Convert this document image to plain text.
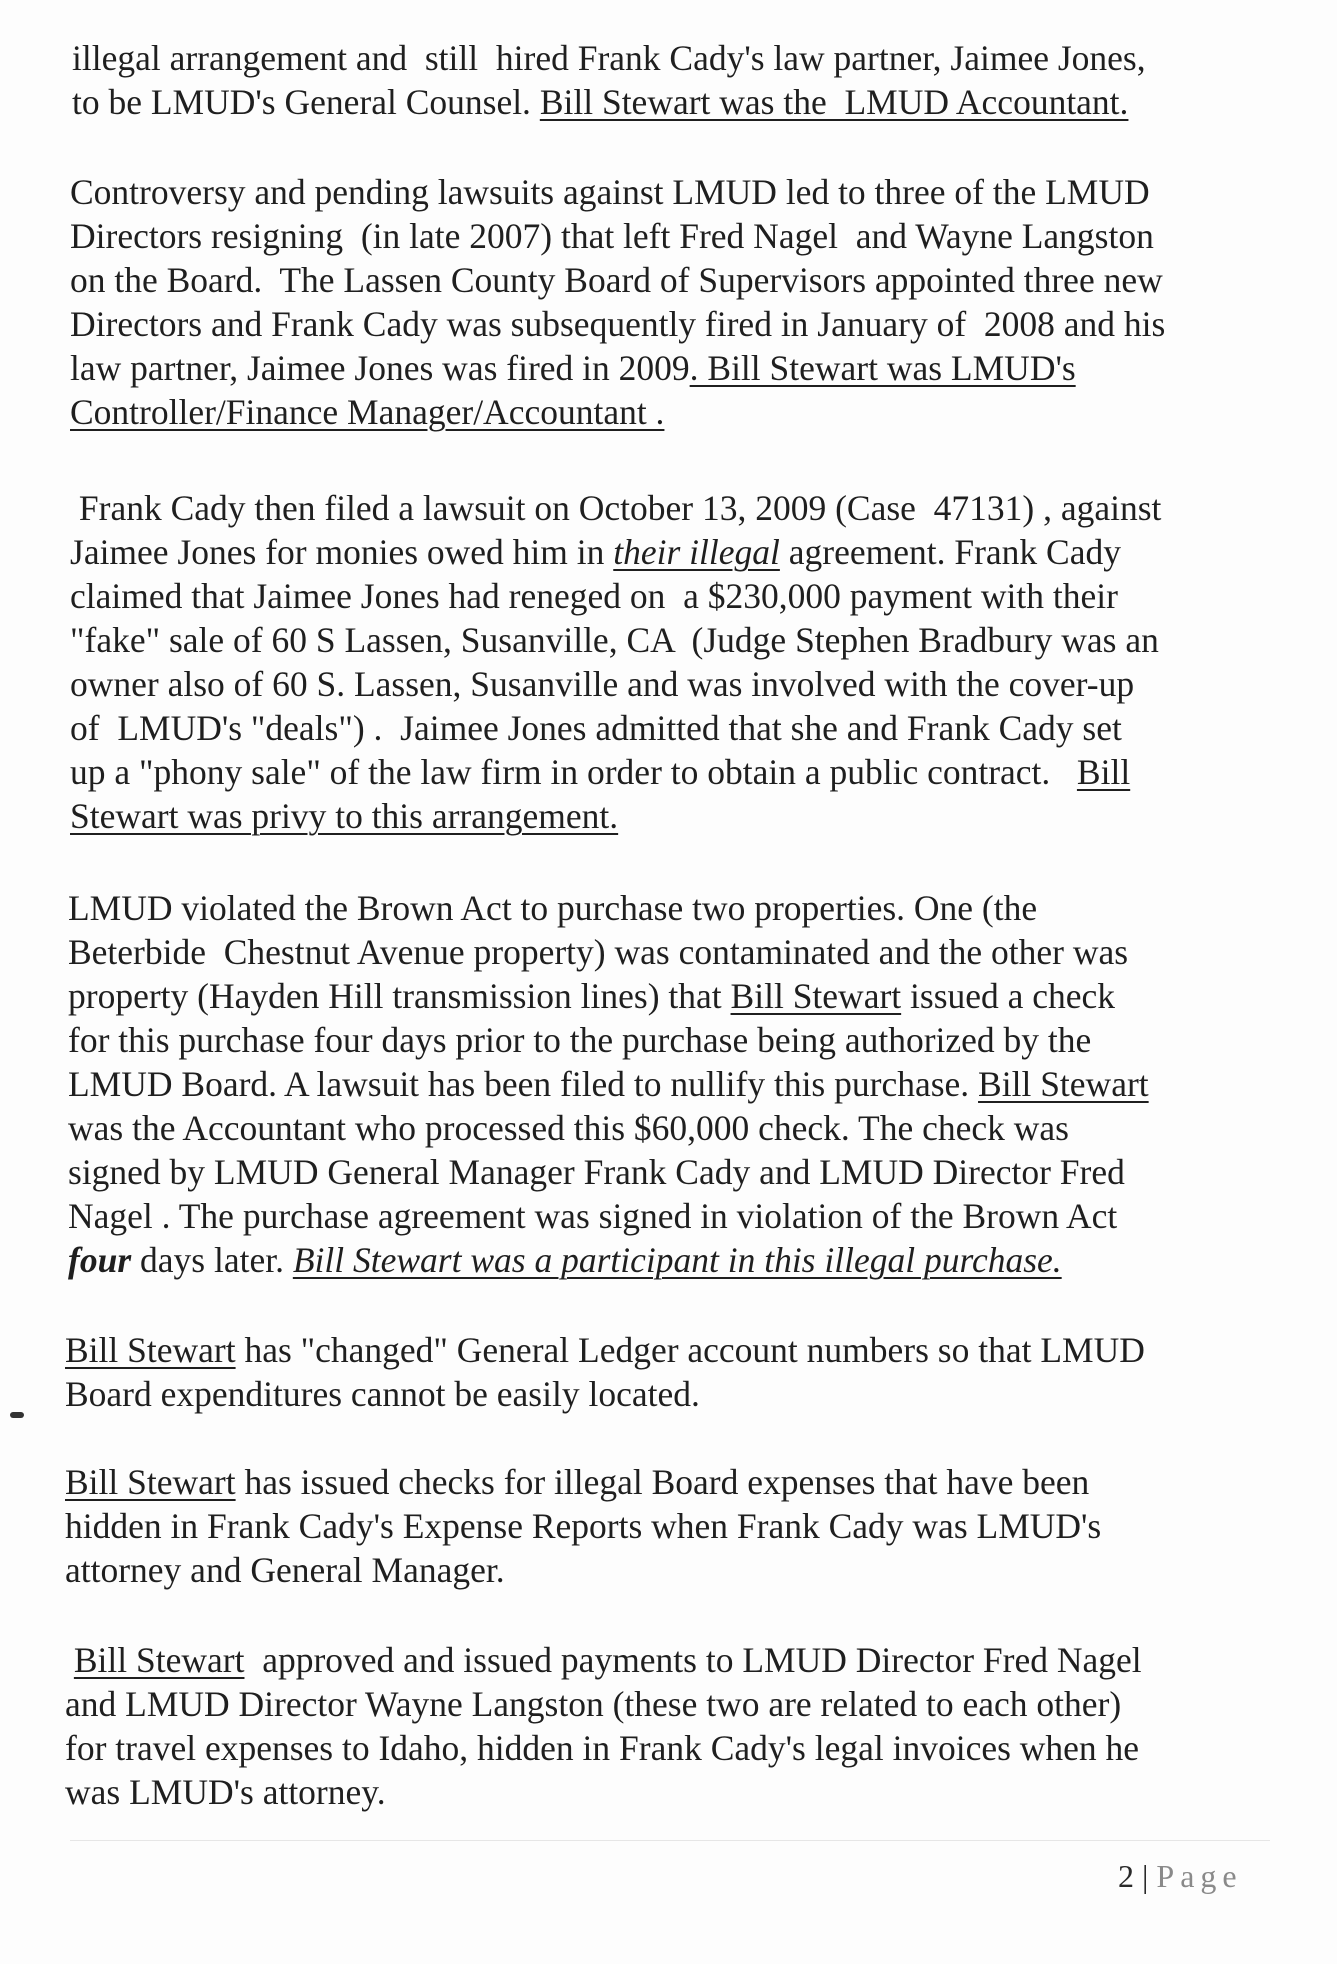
illegal arrangement and  still  hired Frank Cady's law partner, Jaimee Jones,
to be LMUD's General Counsel. Bill Stewart was the  LMUD Accountant.
Controversy and pending lawsuits against LMUD led to three of the LMUD
Directors resigning  (in late 2007) that left Fred Nagel  and Wayne Langston
on the Board.  The Lassen County Board of Supervisors appointed three new
Directors and Frank Cady was subsequently fired in January of  2008 and his
law partner, Jaimee Jones was fired in 2009. Bill Stewart was LMUD's
Controller/Finance Manager/Accountant .
Frank Cady then filed a lawsuit on October 13, 2009 (Case  47131) , against
Jaimee Jones for monies owed him in their illegal agreement. Frank Cady
claimed that Jaimee Jones had reneged on  a $230,000 payment with their
"fake" sale of 60 S Lassen, Susanville, CA  (Judge Stephen Bradbury was an
owner also of 60 S. Lassen, Susanville and was involved with the cover-up
of  LMUD's "deals") .  Jaimee Jones admitted that she and Frank Cady set
up a "phony sale" of the law firm in order to obtain a public contract.   Bill
Stewart was privy to this arrangement.
LMUD violated the Brown Act to purchase two properties. One (the
Beterbide  Chestnut Avenue property) was contaminated and the other was
property (Hayden Hill transmission lines) that Bill Stewart issued a check
for this purchase four days prior to the purchase being authorized by the
LMUD Board. A lawsuit has been filed to nullify this purchase. Bill Stewart
was the Accountant who processed this $60,000 check. The check was
signed by LMUD General Manager Frank Cady and LMUD Director Fred
Nagel . The purchase agreement was signed in violation of the Brown Act
four days later. Bill Stewart was a participant in this illegal purchase.
Bill Stewart has "changed" General Ledger account numbers so that LMUD
Board expenditures cannot be easily located.
Bill Stewart has issued checks for illegal Board expenses that have been
hidden in Frank Cady's Expense Reports when Frank Cady was LMUD's
attorney and General Manager.
Bill Stewart  approved and issued payments to LMUD Director Fred Nagel
and LMUD Director Wayne Langston (these two are related to each other)
for travel expenses to Idaho, hidden in Frank Cady's legal invoices when he
was LMUD's attorney.
2 | Page
